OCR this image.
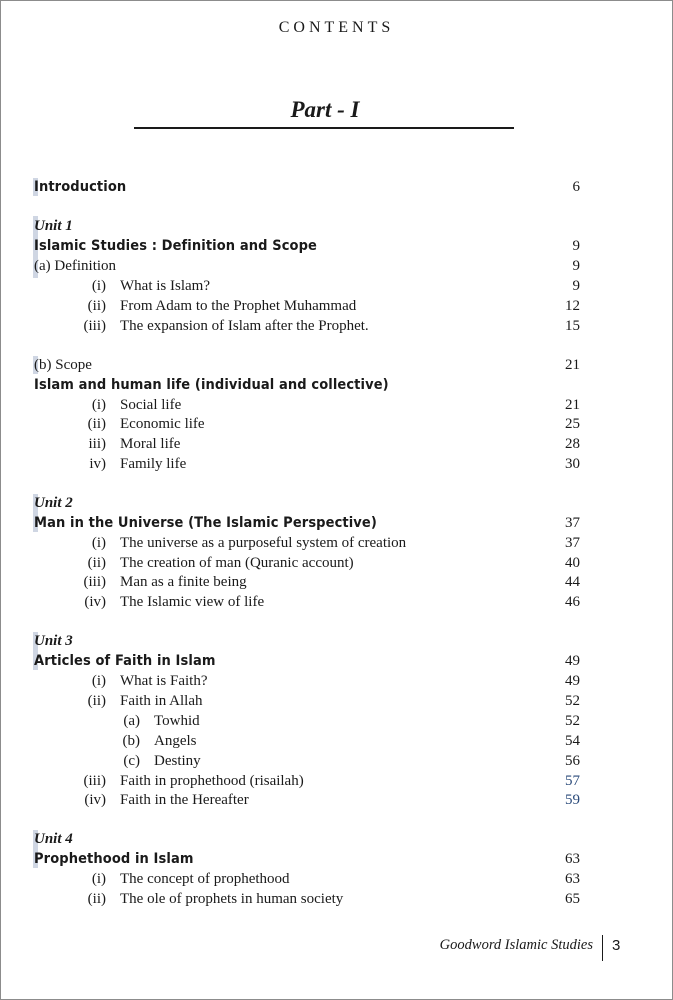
CONTENTS
Part - I
Introduction	6
Unit 1
Islamic Studies : Definition and Scope	9
(a) Definition	9
(i) What is Islam?	9
(ii) From Adam to the Prophet Muhammad	12
(iii) The expansion of Islam after the Prophet.	15
(b) Scope	21
Islam and human life (individual and collective)
(i) Social life	21
(ii) Economic life	25
iii) Moral life	28
iv) Family life	30
Unit 2
Man in the Universe (The Islamic Perspective)	37
(i) The universe as a purposeful system of creation	37
(ii) The creation of man (Quranic account)	40
(iii) Man as a finite being	44
(iv) The Islamic view of life	46
Unit 3
Articles of Faith in Islam	49
(i) What is Faith?	49
(ii) Faith in Allah	52
(a) Towhid	52
(b) Angels	54
(c) Destiny	56
(iii) Faith in prophethood (risailah)	57
(iv) Faith in the Hereafter	59
Unit 4
Prophethood in Islam	63
(i) The concept of prophethood	63
(ii) The ole of prophets in human society	65
Goodword Islamic Studies 3
